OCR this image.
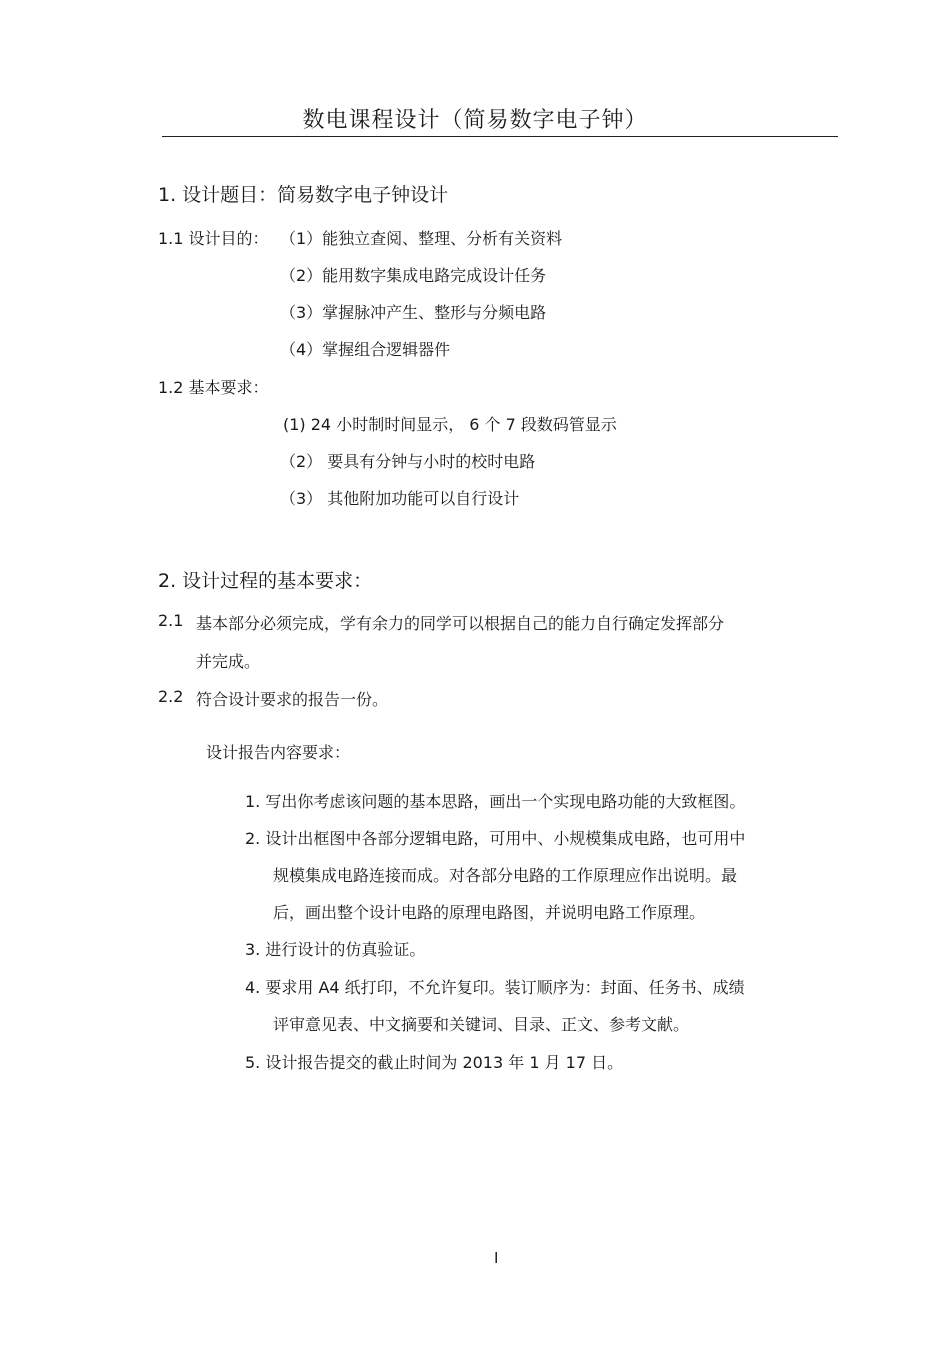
数电课程设计（简易数字电子钟）
1. 设计题目：简易数字电子钟设计
1.1 设计目的： （1）能独立查阅、整理、分析有关资料
（2）能用数字集成电路完成设计任务
（3）掌握脉冲产生、整形与分频电路
（4）掌握组合逻辑器件
1.2 基本要求：
(1) 24 小时制时间显示， 6 个 7 段数码管显示
（2） 要具有分钟与小时的校时电路
（3） 其他附加功能可以自行设计
2. 设计过程的基本要求：
2.1 基本部分必须完成，学有余力的同学可以根据自己的能力自行确定发挥部分
并完成。
2.2 符合设计要求的报告一份。
设计报告内容要求：
1. 写出你考虑该问题的基本思路，画出一个实现电路功能的大致框图。
2. 设计出框图中各部分逻辑电路，可用中、小规模集成电路，也可用中
规模集成电路连接而成。对各部分电路的工作原理应作出说明。最
后，画出整个设计电路的原理电路图，并说明电路工作原理。
3. 进行设计的仿真验证。
4. 要求用 A4 纸打印，不允许复印。装订顺序为：封面、任务书、成绩
评审意见表、中文摘要和关键词、目录、正文、参考文献。
5. 设计报告提交的截止时间为 2013 年 1 月 17 日。
I
